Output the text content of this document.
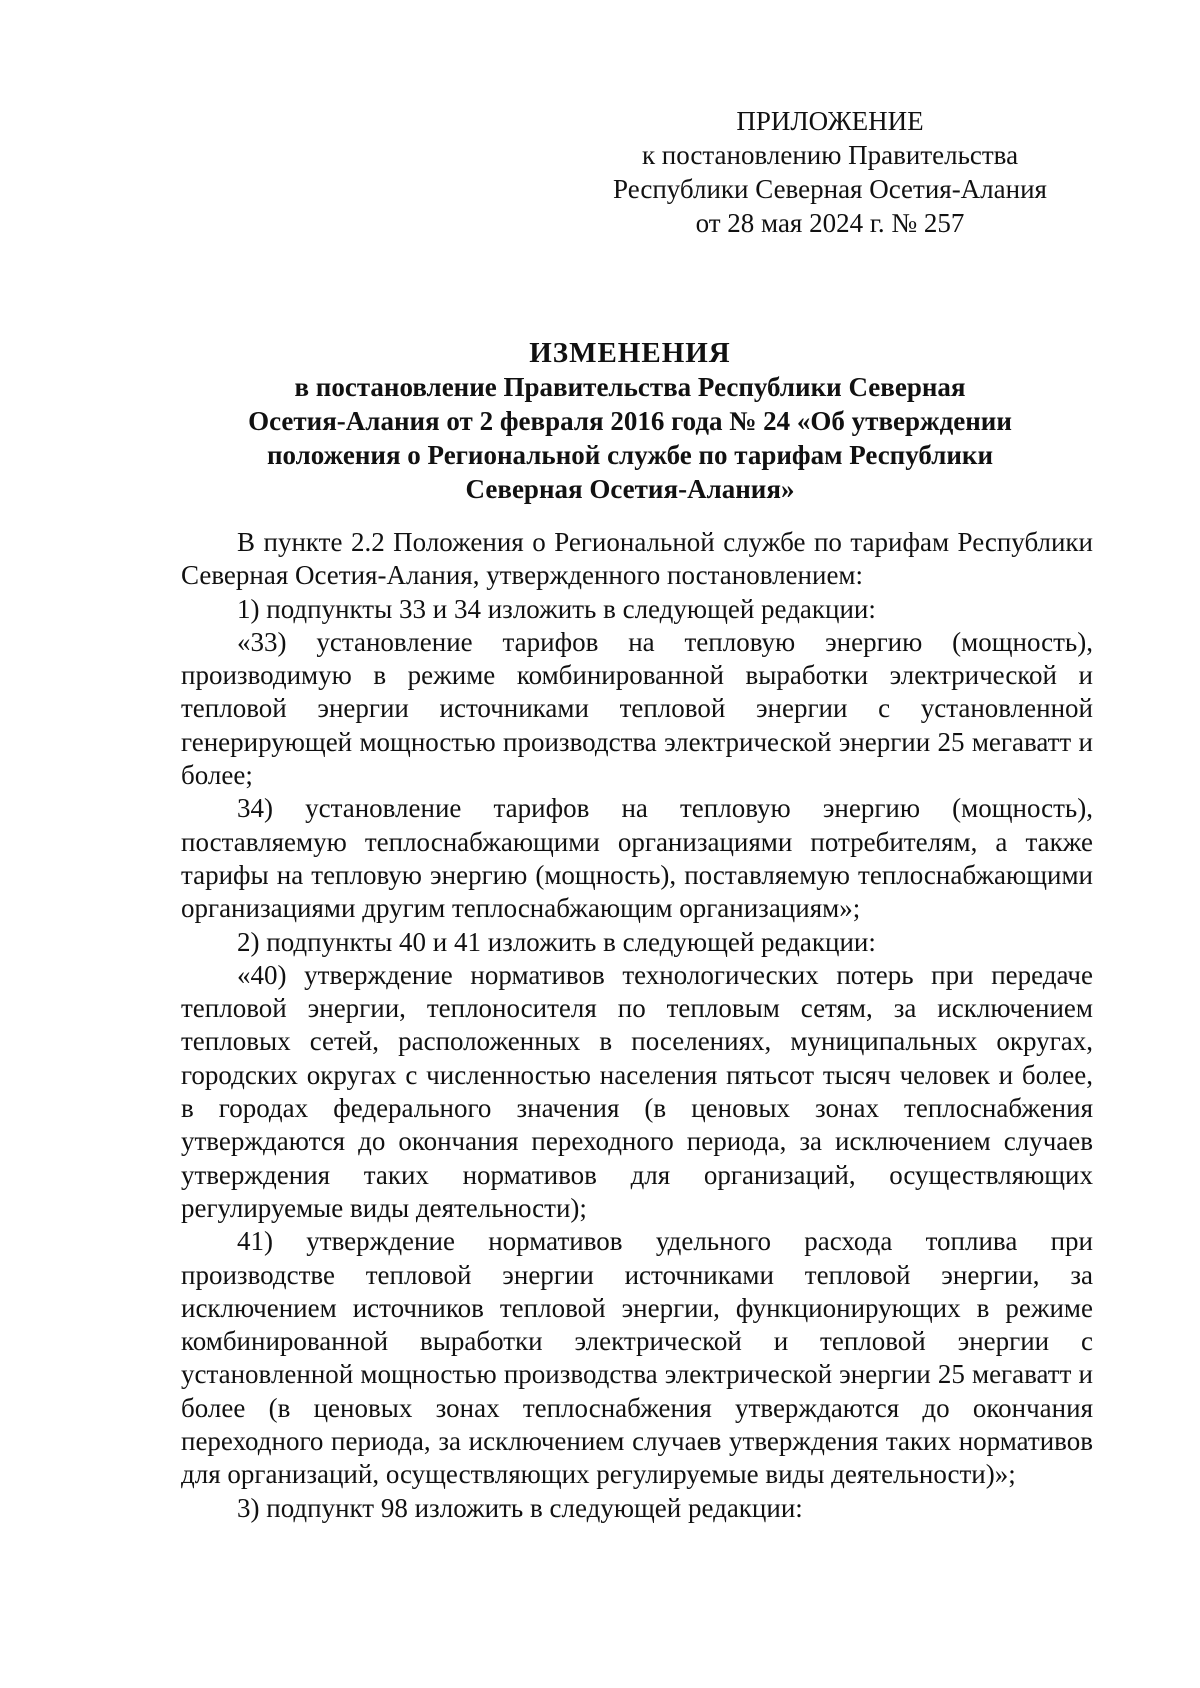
ПРИЛОЖЕНИЕ
к постановлению Правительства
Республики Северная Осетия-Алания
от 28 мая 2024 г. № 257
ИЗМЕНЕНИЯ
в постановление Правительства Республики Северная
Осетия-Алания от 2 февраля 2016 года № 24 «Об утверждении
положения о Региональной службе по тарифам Республики
Северная Осетия-Алания»

В пункте 2.2 Положения о Региональной службе по тарифам Республики Северная Осетия-Алания, утвержденного постановлением:

1) подпункты 33 и 34 изложить в следующей редакции:

«33) установление тарифов на тепловую энергию (мощность), производимую в режиме комбинированной выработки электрической и тепловой энергии источниками тепловой энергии с установленной генерирующей мощностью производства электрической энергии 25 мегаватт и более;

34) установление тарифов на тепловую энергию (мощность), поставляемую теплоснабжающими организациями потребителям, а также тарифы на тепловую энергию (мощность), поставляемую теплоснабжающими организациями другим теплоснабжающим организациям»;

2) подпункты 40 и 41 изложить в следующей редакции:

«40) утверждение нормативов технологических потерь при передаче тепловой энергии, теплоносителя по тепловым сетям, за исключением тепловых сетей, расположенных в поселениях, муниципальных округах, городских округах с численностью населения пятьсот тысяч человек и более, в городах федерального значения (в ценовых зонах теплоснабжения утверждаются до окончания переходного периода, за исключением случаев утверждения таких нормативов для организаций, осуществляющих регулируемые виды деятельности);

41) утверждение нормативов удельного расхода топлива при производстве тепловой энергии источниками тепловой энергии, за исключением источников тепловой энергии, функционирующих в режиме комбинированной выработки электрической и тепловой энергии с установленной мощностью производства электрической энергии 25 мегаватт и более (в ценовых зонах теплоснабжения утверждаются до окончания переходного периода, за исключением случаев утверждения таких нормативов для организаций, осуществляющих регулируемые виды деятельности)»;

3) подпункт 98 изложить в следующей редакции:
